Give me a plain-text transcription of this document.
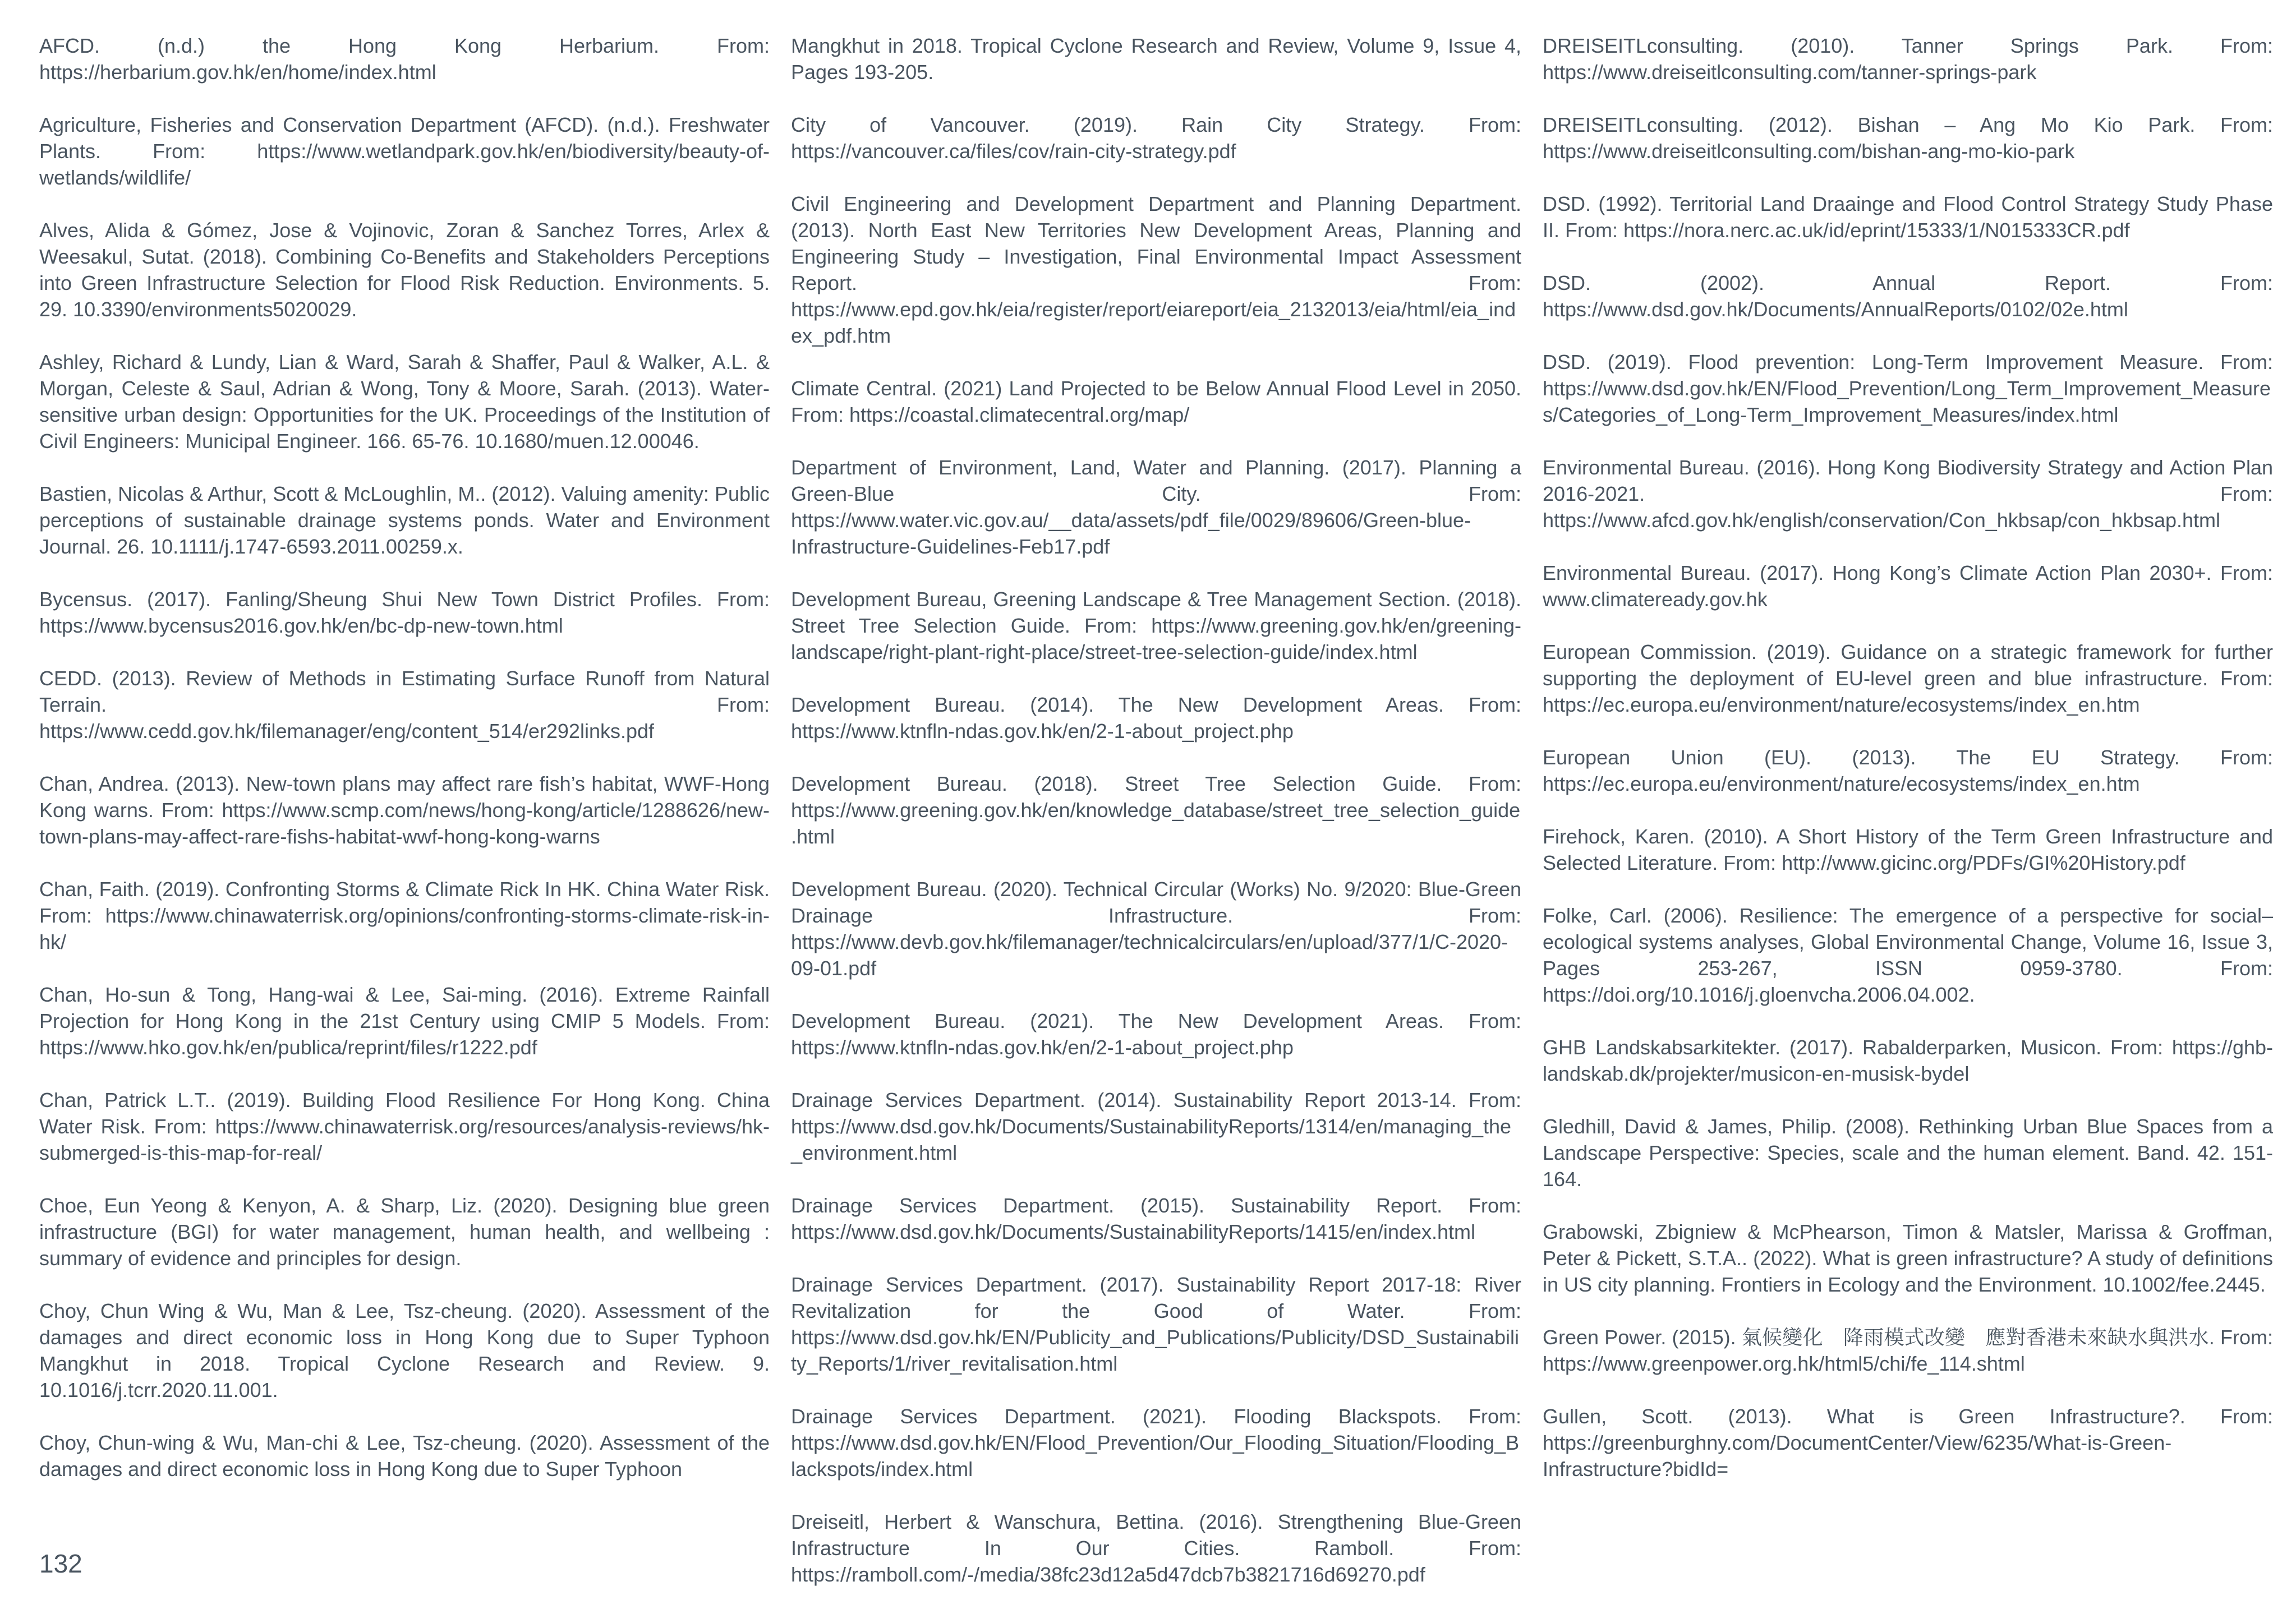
AFCD. (n.d.) the Hong Kong Herbarium. From: https://herbarium.gov.hk/en/home/index.html

Agriculture, Fisheries and Conservation Department (AFCD). (n.d.). Freshwater Plants. From: https://www.wetlandpark.gov.hk/en/biodiversity/beauty-of-wetlands/wildlife/

Alves, Alida & Gómez, Jose & Vojinovic, Zoran & Sanchez Torres, Arlex & Weesakul, Sutat. (2018). Combining Co-Benefits and Stakeholders Perceptions into Green Infrastructure Selection for Flood Risk Reduction. Environments. 5. 29. 10.3390/environments5020029.

Ashley, Richard & Lundy, Lian & Ward, Sarah & Shaffer, Paul & Walker, A.L. & Morgan, Celeste & Saul, Adrian & Wong, Tony & Moore, Sarah. (2013). Water-sensitive urban design: Opportunities for the UK. Proceedings of the Institution of Civil Engineers: Municipal Engineer. 166. 65-76. 10.1680/muen.12.00046.

Bastien, Nicolas & Arthur, Scott & McLoughlin, M.. (2012). Valuing amenity: Public perceptions of sustainable drainage systems ponds. Water and Environment Journal. 26. 10.1111/j.1747-6593.2011.00259.x.

Bycensus. (2017). Fanling/Sheung Shui New Town District Profiles. From: https://www.bycensus2016.gov.hk/en/bc-dp-new-town.html

CEDD. (2013). Review of Methods in Estimating Surface Runoff from Natural Terrain. From: https://www.cedd.gov.hk/filemanager/eng/content_514/er292links.pdf

Chan, Andrea. (2013). New-town plans may affect rare fish’s habitat, WWF-Hong Kong warns. From: https://www.scmp.com/news/hong-kong/article/1288626/new-town-plans-may-affect-rare-fishs-habitat-wwf-hong-kong-warns

Chan, Faith. (2019). Confronting Storms & Climate Rick In HK. China Water Risk. From: https://www.chinawaterrisk.org/opinions/confronting-storms-climate-risk-in-hk/

Chan, Ho-sun & Tong, Hang-wai & Lee, Sai-ming. (2016). Extreme Rainfall Projection for Hong Kong in the 21st Century using CMIP 5 Models. From: https://www.hko.gov.hk/en/publica/reprint/files/r1222.pdf

Chan, Patrick L.T.. (2019). Building Flood Resilience For Hong Kong. China Water Risk. From: https://www.chinawaterrisk.org/resources/analysis-reviews/hk-submerged-is-this-map-for-real/

Choe, Eun Yeong & Kenyon, A. & Sharp, Liz. (2020). Designing blue green infrastructure (BGI) for water management, human health, and wellbeing : summary of evidence and principles for design.

Choy, Chun Wing & Wu, Man & Lee, Tsz-cheung. (2020). Assessment of the damages and direct economic loss in Hong Kong due to Super Typhoon Mangkhut in 2018. Tropical Cyclone Research and Review. 9. 10.1016/j.tcrr.2020.11.001.

Choy, Chun-wing & Wu, Man-chi & Lee, Tsz-cheung. (2020). Assessment of the damages and direct economic loss in Hong Kong due to Super Typhoon

Mangkhut in 2018. Tropical Cyclone Research and Review, Volume 9, Issue 4, Pages 193-205.

City of Vancouver. (2019). Rain City Strategy. From: https://vancouver.ca/files/cov/rain-city-strategy.pdf

Civil Engineering and Development Department and Planning Department. (2013). North East New Territories New Development Areas, Planning and Engineering Study – Investigation, Final Environmental Impact Assessment Report. From: https://www.epd.gov.hk/eia/register/report/eiareport/eia_2132013/eia/html/eia_index_pdf.htm

Climate Central. (2021) Land Projected to be Below Annual Flood Level in 2050. From: https://coastal.climatecentral.org/map/

Department of Environment, Land, Water and Planning. (2017). Planning a Green-Blue City. From: https://www.water.vic.gov.au/__data/assets/pdf_file/0029/89606/Green-blue-Infrastructure-Guidelines-Feb17.pdf

Development Bureau, Greening Landscape & Tree Management Section. (2018). Street Tree Selection Guide. From: https://www.greening.gov.hk/en/greening-landscape/right-plant-right-place/street-tree-selection-guide/index.html

Development Bureau. (2014). The New Development Areas. From: https://www.ktnfln-ndas.gov.hk/en/2-1-about_project.php

Development Bureau. (2018). Street Tree Selection Guide. From: https://www.greening.gov.hk/en/knowledge_database/street_tree_selection_guide.html

Development Bureau. (2020). Technical Circular (Works) No. 9/2020: Blue-Green Drainage Infrastructure. From: https://www.devb.gov.hk/filemanager/technicalcirculars/en/upload/377/1/C-2020-09-01.pdf

Development Bureau. (2021). The New Development Areas. From: https://www.ktnfln-ndas.gov.hk/en/2-1-about_project.php

Drainage Services Department. (2014). Sustainability Report 2013-14. From: https://www.dsd.gov.hk/Documents/SustainabilityReports/1314/en/managing_the_environment.html

Drainage Services Department. (2015). Sustainability Report. From: https://www.dsd.gov.hk/Documents/SustainabilityReports/1415/en/index.html

Drainage Services Department. (2017). Sustainability Report 2017-18: River Revitalization for the Good of Water. From: https://www.dsd.gov.hk/EN/Publicity_and_Publications/Publicity/DSD_Sustainability_Reports/1/river_revitalisation.html

Drainage Services Department. (2021). Flooding Blackspots. From: https://www.dsd.gov.hk/EN/Flood_Prevention/Our_Flooding_Situation/Flooding_Blackspots/index.html

Dreiseitl, Herbert & Wanschura, Bettina. (2016). Strengthening Blue-Green Infrastructure In Our Cities. Ramboll. From: https://ramboll.com/-/media/38fc23d12a5d47dcb7b3821716d69270.pdf

DREISEITLconsulting. (2010). Tanner Springs Park. From: https://www.dreiseitlconsulting.com/tanner-springs-park

DREISEITLconsulting. (2012). Bishan – Ang Mo Kio Park. From: https://www.dreiseitlconsulting.com/bishan-ang-mo-kio-park

DSD. (1992). Territorial Land Draainge and Flood Control Strategy Study Phase II. From: https://nora.nerc.ac.uk/id/eprint/15333/1/N015333CR.pdf

DSD. (2002). Annual Report. From: https://www.dsd.gov.hk/Documents/AnnualReports/0102/02e.html

DSD. (2019). Flood prevention: Long-Term Improvement Measure. From: https://www.dsd.gov.hk/EN/Flood_Prevention/Long_Term_Improvement_Measures/Categories_of_Long-Term_Improvement_Measures/index.html

Environmental Bureau. (2016). Hong Kong Biodiversity Strategy and Action Plan 2016-2021. From: https://www.afcd.gov.hk/english/conservation/Con_hkbsap/con_hkbsap.html

Environmental Bureau. (2017). Hong Kong’s Climate Action Plan 2030+. From: www.climateready.gov.hk

European Commission. (2019). Guidance on a strategic framework for further supporting the deployment of EU-level green and blue infrastructure. From: https://ec.europa.eu/environment/nature/ecosystems/index_en.htm

European Union (EU). (2013). The EU Strategy. From: https://ec.europa.eu/environment/nature/ecosystems/index_en.htm

Firehock, Karen. (2010). A Short History of the Term Green Infrastructure and Selected Literature. From: http://www.gicinc.org/PDFs/GI%20History.pdf

Folke, Carl. (2006). Resilience: The emergence of a perspective for social–ecological systems analyses, Global Environmental Change, Volume 16, Issue 3, Pages 253-267, ISSN 0959-3780. From: https://doi.org/10.1016/j.gloenvcha.2006.04.002.

GHB Landskabsarkitekter. (2017). Rabalderparken, Musicon. From: https://ghb-landskab.dk/projekter/musicon-en-musisk-bydel

Gledhill, David & James, Philip. (2008). Rethinking Urban Blue Spaces from a Landscape Perspective: Species, scale and the human element. Band. 42. 151-164.

Grabowski, Zbigniew & McPhearson, Timon & Matsler, Marissa & Groffman, Peter & Pickett, S.T.A.. (2022). What is green infrastructure? A study of definitions in US city planning. Frontiers in Ecology and the Environment. 10.1002/fee.2445.

Green Power. (2015). 氣候變化　降雨模式改變　應對香港未來缺水與洪水. From: https://www.greenpower.org.hk/html5/chi/fe_114.shtml

Gullen, Scott. (2013). What is Green Infrastructure?. From: https://greenburghny.com/DocumentCenter/View/6235/What-is-Green-Infrastructure?bidId=

132
